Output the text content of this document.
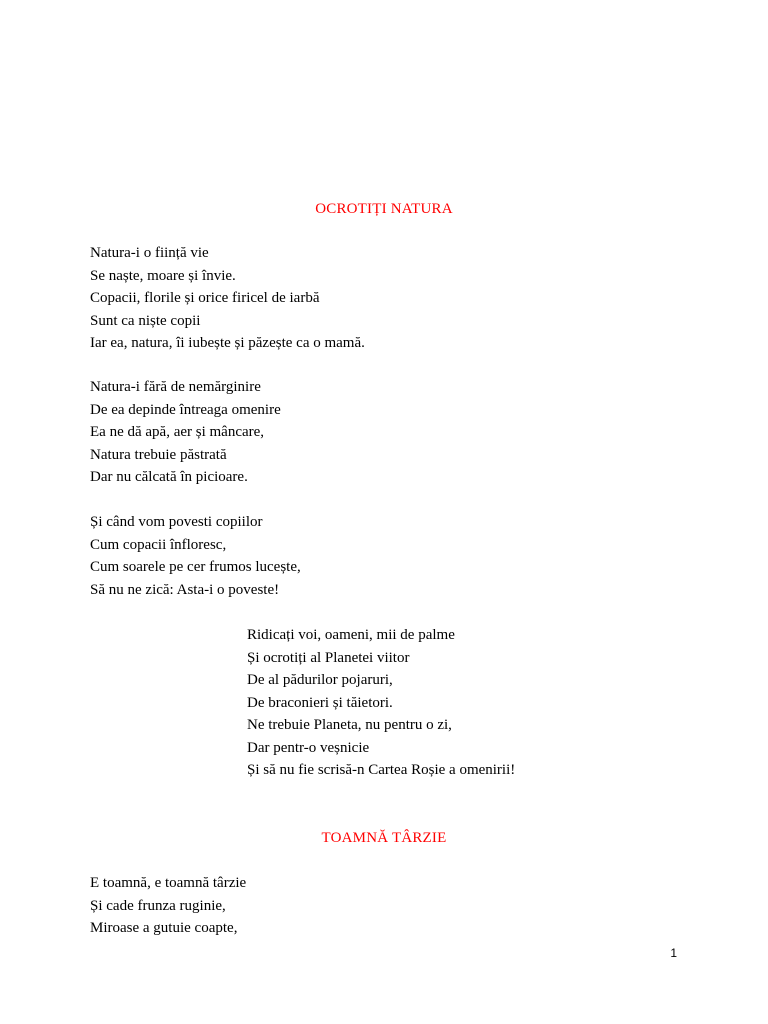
OCROTIȚI NATURA
Natura-i o ființă vie
Se naște, moare și învie.
Copacii, florile și orice firicel de iarbă
Sunt ca niște copii
Iar ea, natura, îi iubește și păzește ca o mamă.
Natura-i fără de nemărginire
De ea depinde întreaga omenire
Ea ne dă apă, aer și mâncare,
Natura trebuie păstrată
Dar nu călcată în picioare.
Și când vom povesti copiilor
Cum copacii înfloresc,
Cum soarele pe cer frumos lucește,
Să nu ne zică: Asta-i o poveste!
Ridicați voi, oameni, mii de palme
Și ocrotiți al Planetei viitor
De al pădurilor pojaruri,
De braconieri și tăietori.
Ne trebuie Planeta, nu pentru o zi,
Dar pentr-o veșnicie
Și să nu fie scrisă-n Cartea Roșie a omenirii!
TOAMNĂ TÂRZIE
E toamnă, e toamnă târzie
Și cade frunza ruginie,
Miroase a gutuie coapte,
1
